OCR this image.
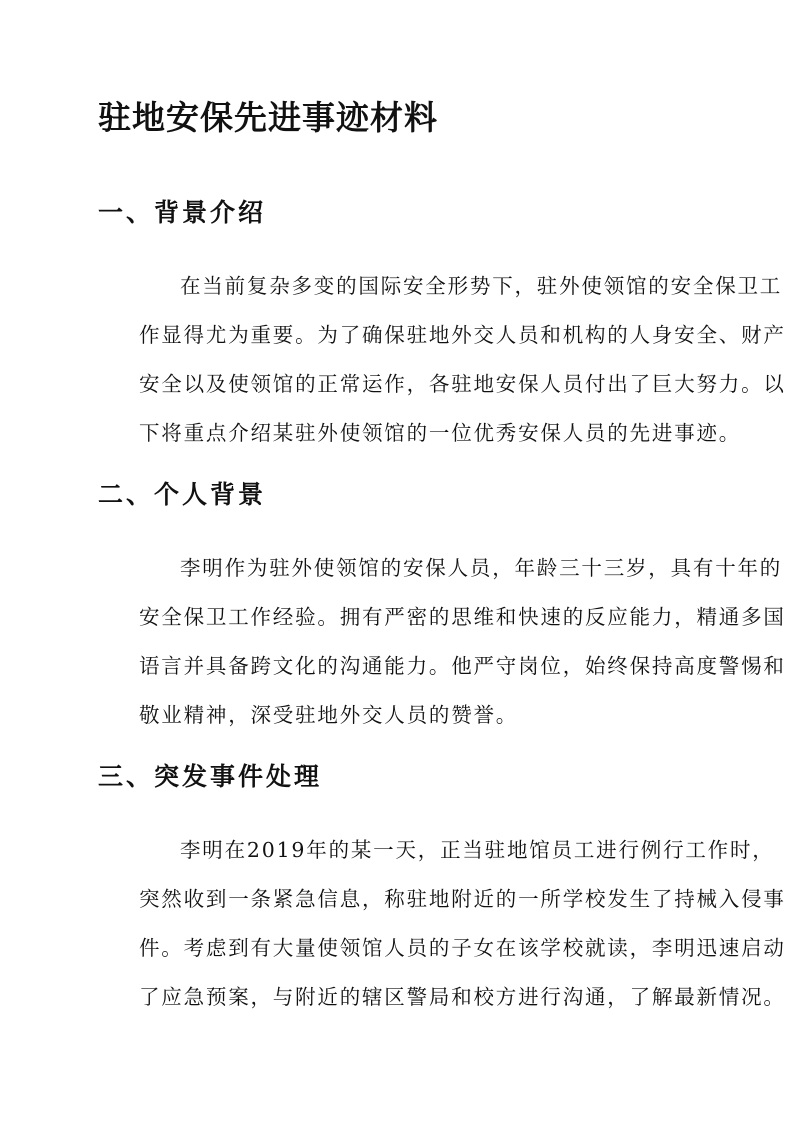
驻地安保先进事迹材料
一、背景介绍
在当前复杂多变的国际安全形势下，驻外使领馆的安全保卫工
作显得尤为重要。为了确保驻地外交人员和机构的人身安全、财产
安全以及使领馆的正常运作，各驻地安保人员付出了巨大努力。以
下将重点介绍某驻外使领馆的一位优秀安保人员的先进事迹。
二、个人背景
李明作为驻外使领馆的安保人员，年龄三十三岁，具有十年的
安全保卫工作经验。拥有严密的思维和快速的反应能力，精通多国
语言并具备跨文化的沟通能力。他严守岗位，始终保持高度警惕和
敬业精神，深受驻地外交人员的赞誉。
三、突发事件处理
李明在2019年的某一天，正当驻地馆员工进行例行工作时，
突然收到一条紧急信息，称驻地附近的一所学校发生了持械入侵事
件。考虑到有大量使领馆人员的子女在该学校就读，李明迅速启动
了应急预案，与附近的辖区警局和校方进行沟通，了解最新情况。
